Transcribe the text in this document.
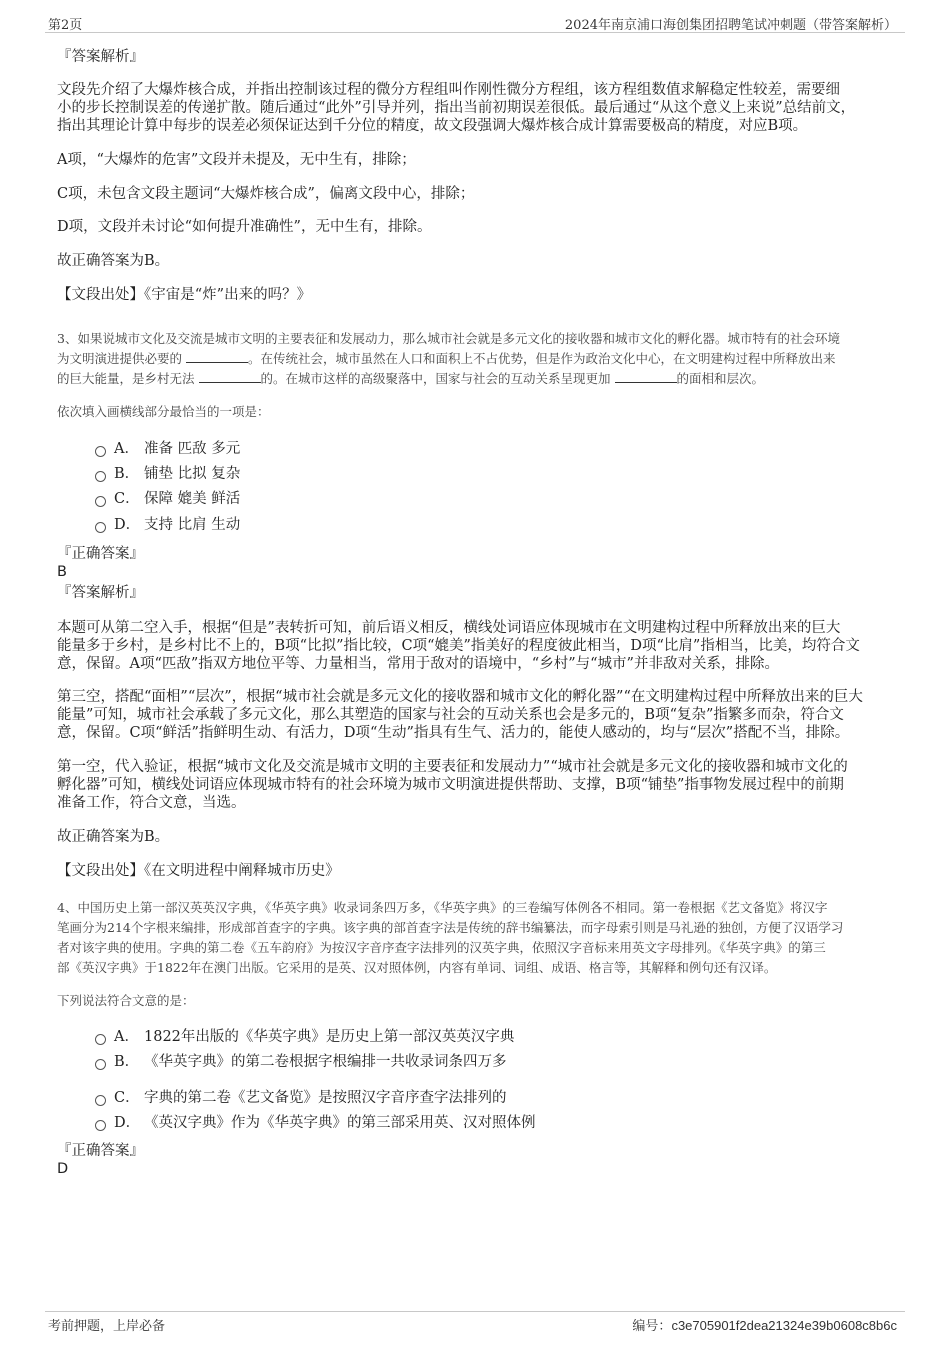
第2页	2024年南京浦口海创集团招聘笔试冲刺题（带答案解析）

『答案解析』

文段先介绍了大爆炸核合成，并指出控制该过程的微分方程组叫作刚性微分方程组，该方程组数值求解稳定性较差，需要细

小的步长控制误差的传递扩散。随后通过“此外”引导并列，指出当前初期误差很低。最后通过“从这个意义上来说”总结前文，

指出其理论计算中每步的误差必须保证达到千分位的精度，故文段强调大爆炸核合成计算需要极高的精度，对应B项。

A项，“大爆炸的危害”文段并未提及，无中生有，排除；

C项，未包含文段主题词“大爆炸核合成”，偏离文段中心，排除；

D项，文段并未讨论“如何提升准确性”，无中生有，排除。

故正确答案为B。

【文段出处】《宇宙是“炸”出来的吗？》

3、如果说城市文化及交流是城市文明的主要表征和发展动力，那么城市社会就是多元文化的接收器和城市文化的孵化器。城市特有的社会环境

为文明演进提供必要的	。在传统社会，城市虽然在人口和面积上不占优势，但是作为政治文化中心，在文明建构过程中所释放出来

的巨大能量，是乡村无法	的。在城市这样的高级聚落中，国家与社会的互动关系呈现更加	的面相和层次。

依次填入画横线部分最恰当的一项是：

A． 准备 匹敌 多元
B． 铺垫 比拟 复杂
C． 保障 媲美 鲜活
D． 支持 比肩 生动

『正确答案』

B

『答案解析』

本题可从第二空入手，根据“但是”表转折可知，前后语义相反，横线处词语应体现城市在文明建构过程中所释放出来的巨大

能量多于乡村，是乡村比不上的，B项“比拟”指比较，C项“媲美”指美好的程度彼此相当，D项“比肩”指相当，比美，均符合文

意，保留。A项“匹敌”指双方地位平等、力量相当，常用于敌对的语境中，“乡村”与“城市”并非敌对关系，排除。

第三空，搭配“面相”“层次”，根据“城市社会就是多元文化的接收器和城市文化的孵化器”“在文明建构过程中所释放出来的巨大

能量”可知，城市社会承载了多元文化，那么其塑造的国家与社会的互动关系也会是多元的，B项“复杂”指繁多而杂，符合文

意，保留。C项“鲜活”指鲜明生动、有活力，D项“生动”指具有生气、活力的，能使人感动的，均与“层次”搭配不当，排除。

第一空，代入验证，根据“城市文化及交流是城市文明的主要表征和发展动力”“城市社会就是多元文化的接收器和城市文化的

孵化器”可知，横线处词语应体现城市特有的社会环境为城市文明演进提供帮助、支撑，B项“铺垫”指事物发展过程中的前期

准备工作，符合文意，当选。

故正确答案为B。

【文段出处】《在文明进程中阐释城市历史》

4、中国历史上第一部汉英英汉字典，《华英字典》收录词条四万多，《华英字典》的三卷编写体例各不相同。第一卷根据《艺文备览》将汉字

笔画分为214个字根来编排，形成部首查字的字典。该字典的部首查字法是传统的辞书编纂法，而字母索引则是马礼逊的独创，方便了汉语学习

者对该字典的使用。字典的第二卷《五车韵府》为按汉字音序查字法排列的汉英字典，依照汉字音标来用英文字母排列。《华英字典》的第三

部《英汉字典》于1822年在澳门出版。它采用的是英、汉对照体例，内容有单词、词组、成语、格言等，其解释和例句还有汉译。

下列说法符合文意的是：

A． 1822年出版的《华英字典》是历史上第一部汉英英汉字典
B． 《华英字典》的第二卷根据字根编排一共收录词条四万多
C． 字典的第二卷《艺文备览》是按照汉字音序查字法排列的
D． 《英汉字典》作为《华英字典》的第三部采用英、汉对照体例

『正确答案』

D

考前押题，上岸必备	编号：c3e705901f2dea21324e39b0608c8b6c
